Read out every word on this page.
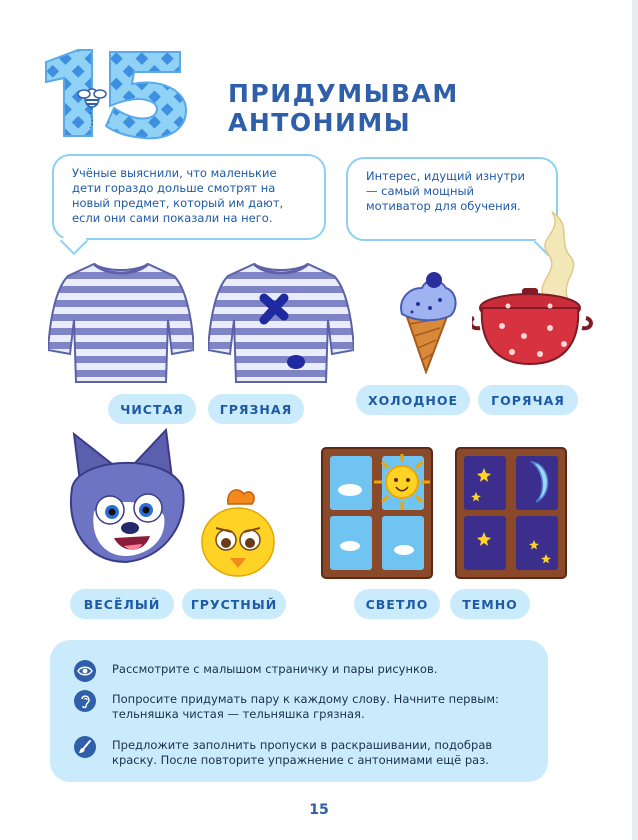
ПРИДУМЫВАМ
АНТОНИМЫ
Учёные выяснили, что маленькие дети гораздо дольше смотрят на новый предмет, который им дают, если они сами показали на него.
Интерес, идущий изнутри — самый мощный мотиватор для обучения.
ЧИСТАЯ	ГРЯЗНАЯ
ХОЛОДНОЕ	ГОРЯЧАЯ
ВЕСЁЛЫЙ	ГРУСТНЫЙ	СВЕТЛО	ТЕМНО
Рассмотрите с малышом страничку и пары рисунков.
Попросите придумать пару к каждому слову. Начните первым: тельняшка чистая — тельняшка грязная.
Предложите заполнить пропуски в раскрашивании, подобрав краску. После повторите упражнение с антонимами ещё раз.
15
